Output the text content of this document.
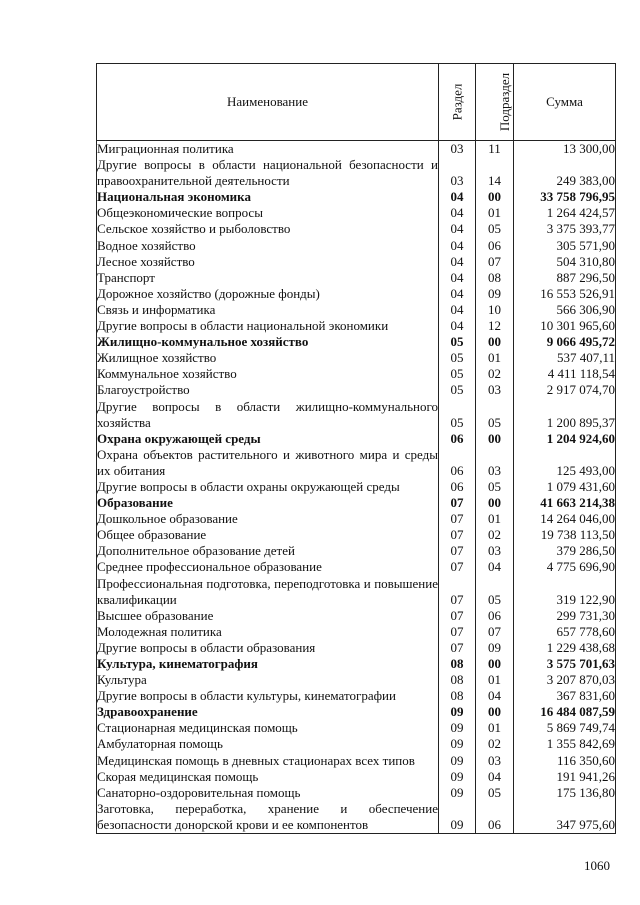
Наименование	Раздел	Подраздел	Сумма
Миграционная политика	03	11	13 300,00
Другие вопросы в области национальной безопасности и правоохранительной деятельности	03	14	249 383,00
Национальная экономика	04	00	33 758 796,95
Общеэкономические вопросы	04	01	1 264 424,57
Сельское хозяйство и рыболовство	04	05	3 375 393,77
Водное хозяйство	04	06	305 571,90
Лесное хозяйство	04	07	504 310,80
Транспорт	04	08	887 296,50
Дорожное хозяйство (дорожные фонды)	04	09	16 553 526,91
Связь и информатика	04	10	566 306,90
Другие вопросы в области национальной экономики	04	12	10 301 965,60
Жилищно-коммунальное хозяйство	05	00	9 066 495,72
Жилищное хозяйство	05	01	537 407,11
Коммунальное хозяйство	05	02	4 411 118,54
Благоустройство	05	03	2 917 074,70
Другие вопросы в области жилищно-коммунального хозяйства	05	05	1 200 895,37
Охрана окружающей среды	06	00	1 204 924,60
Охрана объектов растительного и животного мира и среды их обитания	06	03	125 493,00
Другие вопросы в области охраны окружающей среды	06	05	1 079 431,60
Образование	07	00	41 663 214,38
Дошкольное образование	07	01	14 264 046,00
Общее образование	07	02	19 738 113,50
Дополнительное образование детей	07	03	379 286,50
Среднее профессиональное образование	07	04	4 775 696,90
Профессиональная подготовка, переподготовка и повышение квалификации	07	05	319 122,90
Высшее образование	07	06	299 731,30
Молодежная политика	07	07	657 778,60
Другие вопросы в области образования	07	09	1 229 438,68
Культура, кинематография	08	00	3 575 701,63
Культура	08	01	3 207 870,03
Другие вопросы в области культуры, кинематографии	08	04	367 831,60
Здравоохранение	09	00	16 484 087,59
Стационарная медицинская помощь	09	01	5 869 749,74
Амбулаторная помощь	09	02	1 355 842,69
Медицинская помощь в дневных стационарах всех типов	09	03	116 350,60
Скорая медицинская помощь	09	04	191 941,26
Санаторно-оздоровительная помощь	09	05	175 136,80
Заготовка, переработка, хранение и обеспечение безопасности донорской крови и ее компонентов	09	06	347 975,60
1060
